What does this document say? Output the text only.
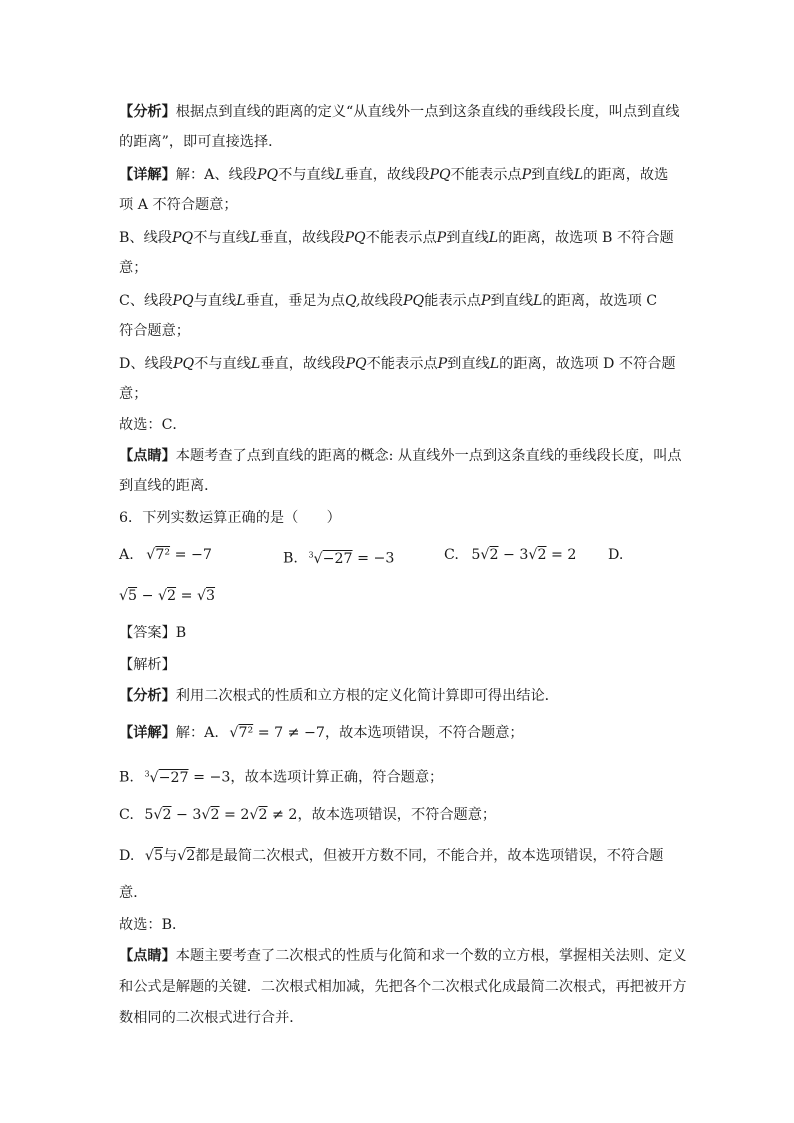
【分析】根据点到直线的距离的定义“从直线外一点到这条直线的垂线段长度，叫点到直线
的距离”，即可直接选择．
【详解】解：A、线段PQ不与直线L垂直，故线段PQ不能表示点P到直线L的距离，故选
项 A 不符合题意；
B、线段PQ不与直线L垂直，故线段PQ不能表示点P到直线L的距离，故选项 B 不符合题
意；
C、线段PQ与直线L垂直，垂足为点Q,故线段PQ能表示点P到直线L的距离，故选项 C
符合题意；
D、线段PQ不与直线L垂直，故线段PQ不能表示点P到直线L的距离，故选项 D 不符合题
意；
故选：C．
【点睛】本题考查了点到直线的距离的概念: 从直线外一点到这条直线的垂线段长度，叫点
到直线的距离．
6．下列实数运算正确的是（　　）
A. √7² = −7	B. $^3$√−27 = −3	C. 5√2 − 3√2 = 2 D.
√5 − √2 = √3
【答案】B
【解析】
【分析】利用二次根式的性质和立方根的定义化简计算即可得出结论．
【详解】解：A. √7² = 7 ≠ −7，故本选项错误，不符合题意；
B. $^3$√−27 = −3，故本选项计算正确，符合题意；
C. 5√2 − 3√2 = 2√2 ≠ 2，故本选项错误，不符合题意；
D. √5与√2都是最简二次根式，但被开方数不同，不能合并，故本选项错误，不符合题
意．
故选：B．
【点睛】本题主要考查了二次根式的性质与化简和求一个数的立方根，掌握相关法则、定义
和公式是解题的关键．二次根式相加减，先把各个二次根式化成最简二次根式，再把被开方
数相同的二次根式进行合并．
